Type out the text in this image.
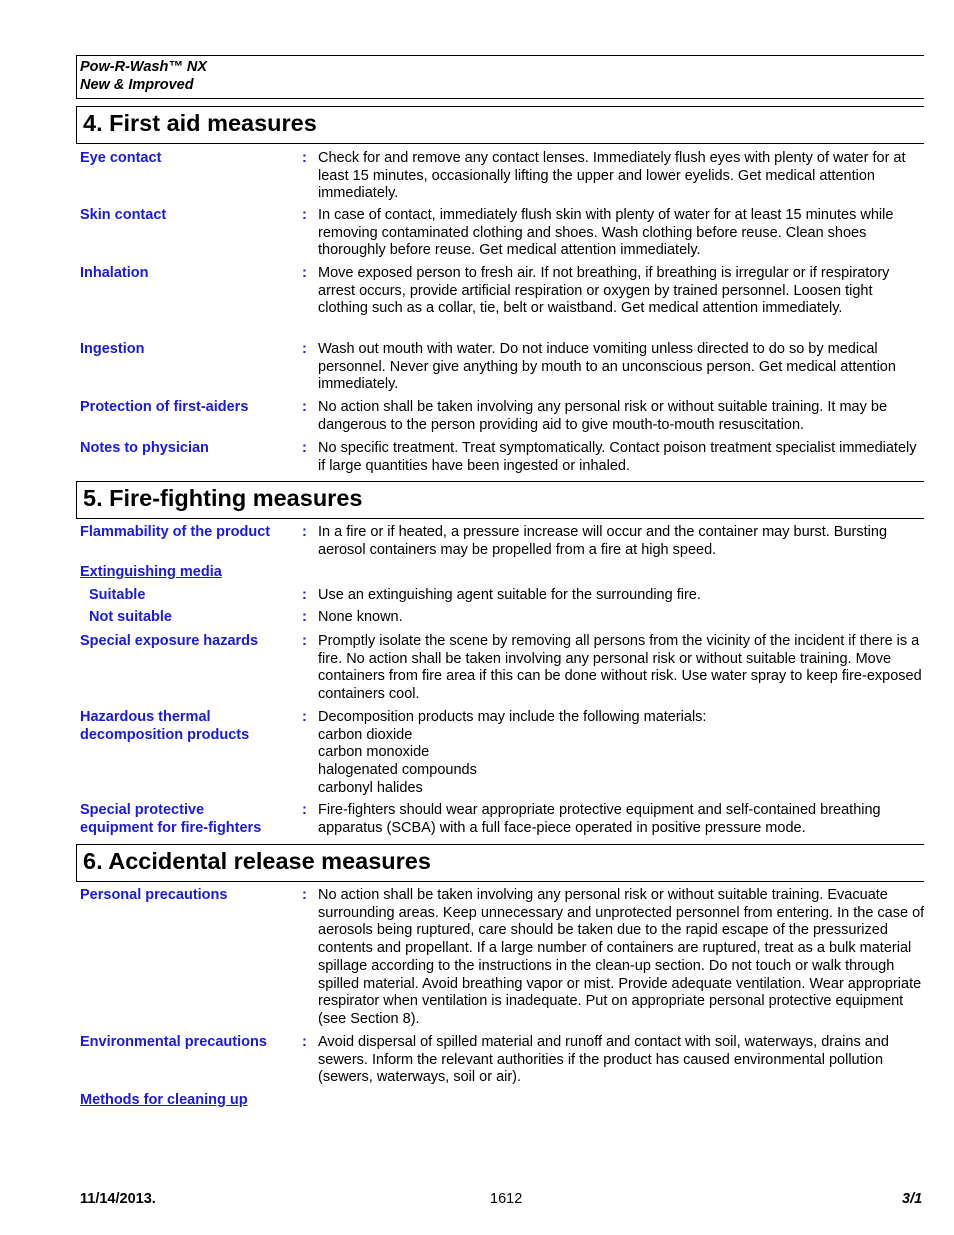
Pow-R-Wash™ NX
New & Improved
4. First aid measures
Eye contact	: Check for and remove any contact lenses. Immediately flush eyes with plenty of water for at least 15 minutes, occasionally lifting the upper and lower eyelids. Get medical attention immediately.
Skin contact	: In case of contact, immediately flush skin with plenty of water for at least 15 minutes while removing contaminated clothing and shoes. Wash clothing before reuse. Clean shoes thoroughly before reuse. Get medical attention immediately.
Inhalation	: Move exposed person to fresh air. If not breathing, if breathing is irregular or if respiratory arrest occurs, provide artificial respiration or oxygen by trained personnel. Loosen tight clothing such as a collar, tie, belt or waistband. Get medical attention immediately.
Ingestion	: Wash out mouth with water. Do not induce vomiting unless directed to do so by medical personnel. Never give anything by mouth to an unconscious person. Get medical attention immediately.
Protection of first-aiders	: No action shall be taken involving any personal risk or without suitable training. It may be dangerous to the person providing aid to give mouth-to-mouth resuscitation.
Notes to physician	: No specific treatment. Treat symptomatically. Contact poison treatment specialist immediately if large quantities have been ingested or inhaled.
5. Fire-fighting measures
Flammability of the product	: In a fire or if heated, a pressure increase will occur and the container may burst. Bursting aerosol containers may be propelled from a fire at high speed.
Extinguishing media
Suitable	: Use an extinguishing agent suitable for the surrounding fire.
Not suitable	: None known.
Special exposure hazards	: Promptly isolate the scene by removing all persons from the vicinity of the incident if there is a fire. No action shall be taken involving any personal risk or without suitable training. Move containers from fire area if this can be done without risk. Use water spray to keep fire-exposed containers cool.
Hazardous thermal
decomposition products
: Decomposition products may include the following materials:
carbon dioxide
carbon monoxide
halogenated compounds
carbonyl halides
Special protective
equipment for fire-fighters
: Fire-fighters should wear appropriate protective equipment and self-contained breathing apparatus (SCBA) with a full face-piece operated in positive pressure mode.
6. Accidental release measures
Personal precautions	: No action shall be taken involving any personal risk or without suitable training. Evacuate surrounding areas. Keep unnecessary and unprotected personnel from entering. In the case of aerosols being ruptured, care should be taken due to the rapid escape of the pressurized contents and propellant. If a large number of containers are ruptured, treat as a bulk material spillage according to the instructions in the clean-up section. Do not touch or walk through spilled material. Avoid breathing vapor or mist. Provide adequate ventilation. Wear appropriate respirator when ventilation is inadequate. Put on appropriate personal protective equipment (see Section 8).
Environmental precautions	: Avoid dispersal of spilled material and runoff and contact with soil, waterways, drains and sewers. Inform the relevant authorities if the product has caused environmental pollution (sewers, waterways, soil or air).
Methods for cleaning up
11/14/2013.	1612	3/1
